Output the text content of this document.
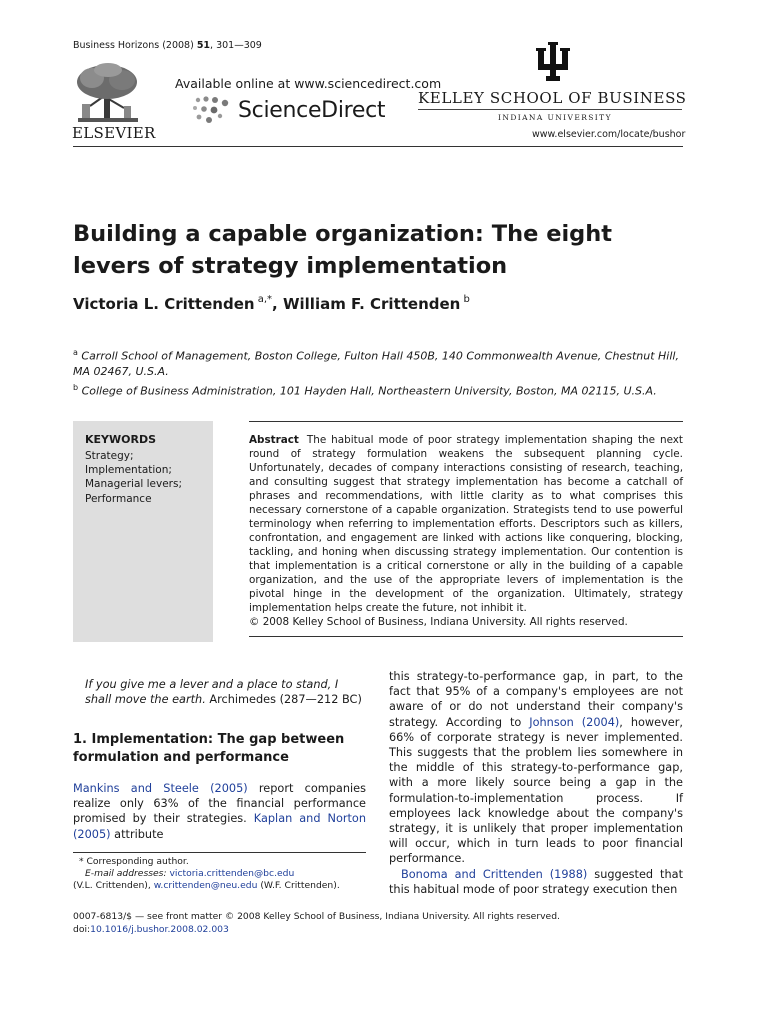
Business Horizons (2008) 51, 301—309
ELSEVIER
Available online at www.sciencedirect.com
ScienceDirect KELLEY SCHOOL OF BUSINESS
INDIANA UNIVERSITY
www.elsevier.com/locate/bushor
Building a capable organization: The eight levers of strategy implementation
Victoria L. Crittenden $^{a,*}$, William F. Crittenden $^b$
$^a$ Carroll School of Management, Boston College, Fulton Hall 450B, 140 Commonwealth Avenue, Chestnut Hill, MA 02467, U.S.A.
$^b$ College of Business Administration, 101 Hayden Hall, Northeastern University, Boston, MA 02115, U.S.A.
KEYWORDS
Strategy;
Implementation;
Managerial levers;
Performance
Abstract The habitual mode of poor strategy implementation shaping the next round of strategy formulation weakens the subsequent planning cycle. Unfortunately, decades of company interactions consisting of research, teaching, and consulting suggest that strategy implementation has become a catchall of phrases and recommendations, with little clarity as to what comprises this necessary cornerstone of a capable organization. Strategists tend to use powerful terminology when referring to implementation efforts. Descriptors such as killers, confrontation, and engagement are linked with actions like conquering, blocking, tackling, and honing when discussing strategy implementation. Our contention is that implementation is a critical cornerstone or ally in the building of a capable organization, and the use of the appropriate levers of implementation is the pivotal hinge in the development of the organization. Ultimately, strategy implementation helps create the future, not inhibit it.
© 2008 Kelley School of Business, Indiana University. All rights reserved.
If you give me a lever and a place to stand, I shall move the earth. Archimedes (287—212 BC)
1. Implementation: The gap between formulation and performance
Mankins and Steele (2005) report companies realize only 63% of the financial performance promised by their strategies. Kaplan and Norton (2005) attribute
this strategy-to-performance gap, in part, to the fact that 95% of a company's employees are not aware of or do not understand their company's strategy. According to Johnson (2004), however, 66% of corporate strategy is never implemented. This suggests that the problem lies somewhere in the middle of this strategy-to-performance gap, with a more likely source being a gap in the formulation-to-implementation process. If employees lack knowledge about the company's strategy, it is unlikely that proper implementation will occur, which in turn leads to poor financial performance.
Bonoma and Crittenden (1988) suggested that this habitual mode of poor strategy execution then
* Corresponding author.
E-mail addresses: victoria.crittenden@bc.edu
(V.L. Crittenden), w.crittenden@neu.edu (W.F. Crittenden).
0007-6813/$ — see front matter © 2008 Kelley School of Business, Indiana University. All rights reserved.
doi:10.1016/j.bushor.2008.02.003
